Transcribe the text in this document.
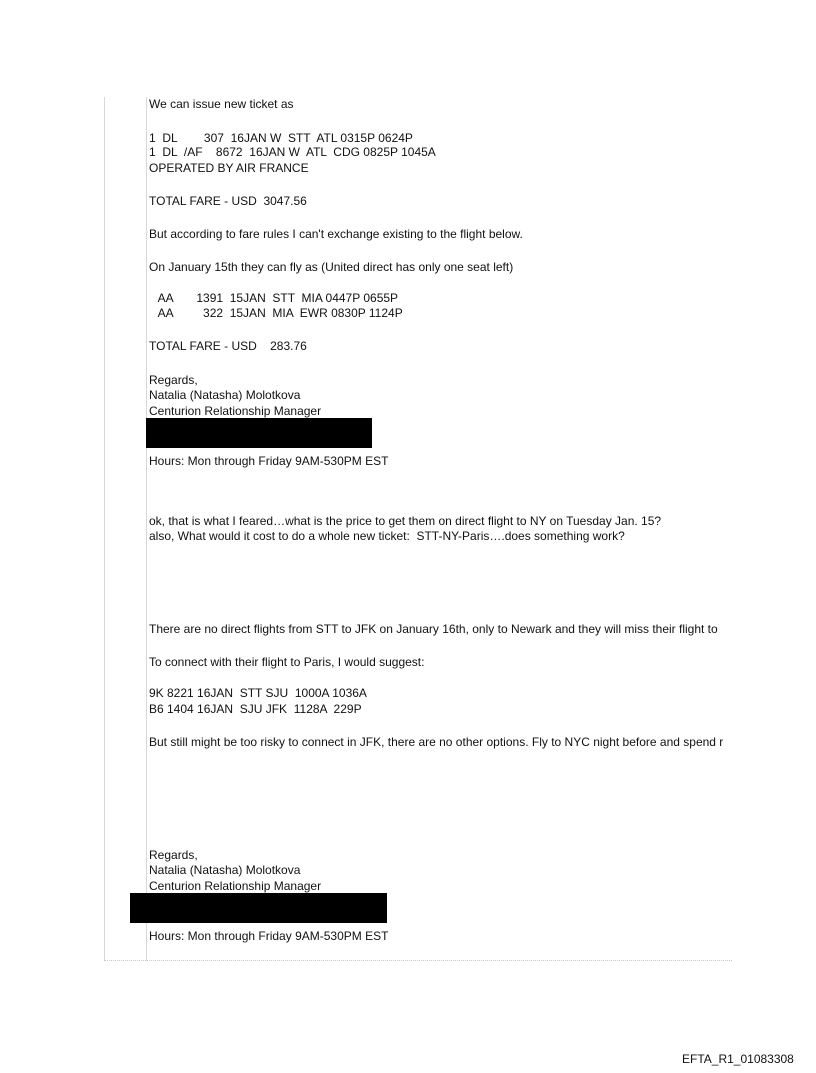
We can issue new ticket as
1  DL        307  16JAN W  STT  ATL 0315P 0624P
1  DL  /AF    8672  16JAN W  ATL  CDG 0825P 1045A
OPERATED BY AIR FRANCE
TOTAL FARE - USD  3047.56
But according to fare rules I can't exchange existing to the flight below.
On January 15th they can fly as (United direct has only one seat left)
AA       1391  15JAN  STT  MIA 0447P 0655P
AA         322  15JAN  MIA  EWR 0830P 1124P
TOTAL FARE - USD    283.76
Regards,
Natalia (Natasha) Molotkova
Centurion Relationship Manager
Hours: Mon through Friday 9AM-530PM EST
ok, that is what I feared…what is the price to get them on direct flight to NY on Tuesday Jan. 15?
also, What would it cost to do a whole new ticket:  STT-NY-Paris….does something work?
There are no direct flights from STT to JFK on January 16th, only to Newark and they will miss their flight to
To connect with their flight to Paris, I would suggest:
9K 8221 16JAN  STT SJU  1000A 1036A
B6 1404 16JAN  SJU JFK  1128A  229P
But still might be too risky to connect in JFK, there are no other options. Fly to NYC night before and spend r
Regards,
Natalia (Natasha) Molotkova
Centurion Relationship Manager
Hours: Mon through Friday 9AM-530PM EST
EFTA_R1_01083308
